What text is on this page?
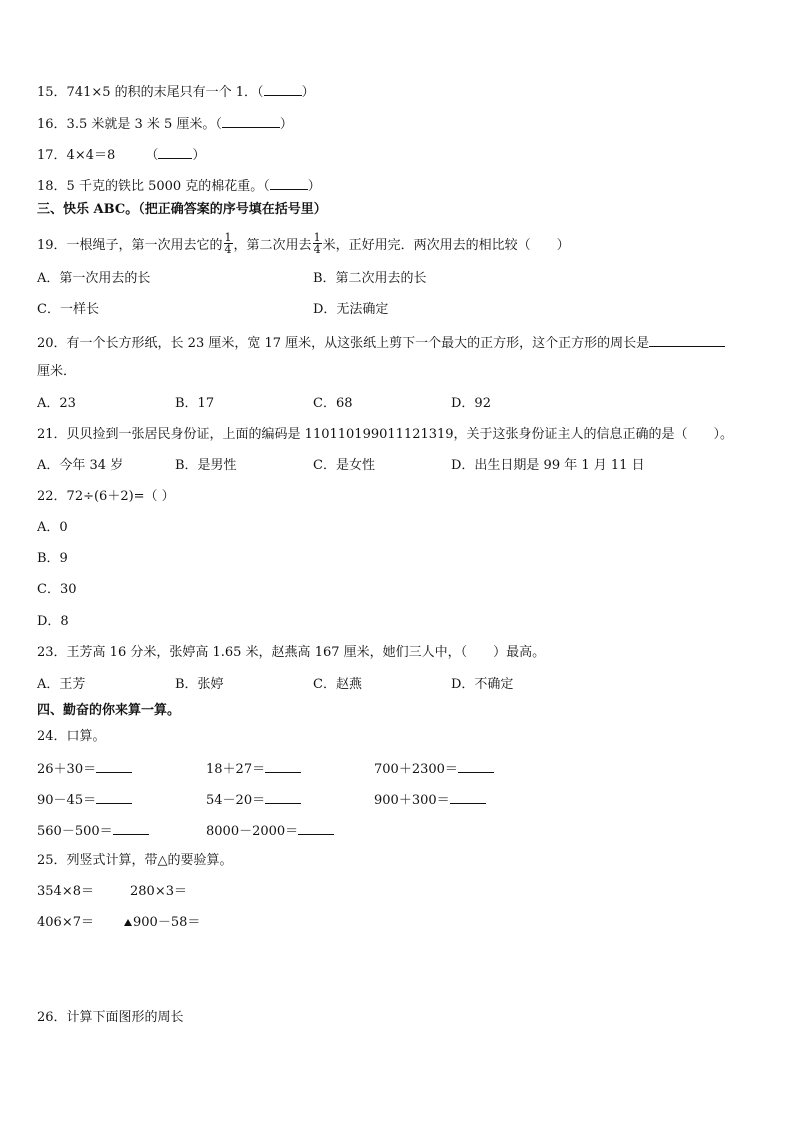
15．741×5 的积的末尾只有一个 1．（	）
16．3.5 米就是 3 米 5 厘米。（	）
17．4×4＝8 （	）
18．5 千克的铁比 5000 克的棉花重。（	）
三、快乐 ABC。（把正确答案的序号填在括号里）
19．一根绳子，第一次用去它的 $\frac{1}{4}$ ，第二次用去 $\frac{1}{4}$ 米，正好用完．两次用去的相比较（　　）
A．第一次用去的长	B．第二次用去的长
C．一样长	D．无法确定
20．有一个长方形纸，长 23 厘米，宽 17 厘米，从这张纸上剪下一个最大的正方形，这个正方形的周长是
厘米．
A．23	B．17	C．68	D．92
21．贝贝捡到一张居民身份证，上面的编码是 110110199011121319，关于这张身份证主人的信息正确的是（　　）。
A．今年 34 岁	B．是男性	C．是女性	D．出生日期是 99 年 1 月 11 日
22．72÷(6＋2)=（ ）
A．0
B．9
C．30
D．8
23．王芳高 16 分米，张婷高 1.65 米，赵燕高 167 厘米，她们三人中，（　　）最高。
A．王芳	B．张婷	C．赵燕	D．不确定
四、勤奋的你来算一算。
24．口算。
26＋30＝	18＋27＝	700＋2300＝
90－45＝	54－20＝	900＋300＝
560－500＝	8000－2000＝
25．列竖式计算，带△的要验算。
354×8＝	280×3＝
406×7＝	900－58＝
26．计算下面图形的周长
